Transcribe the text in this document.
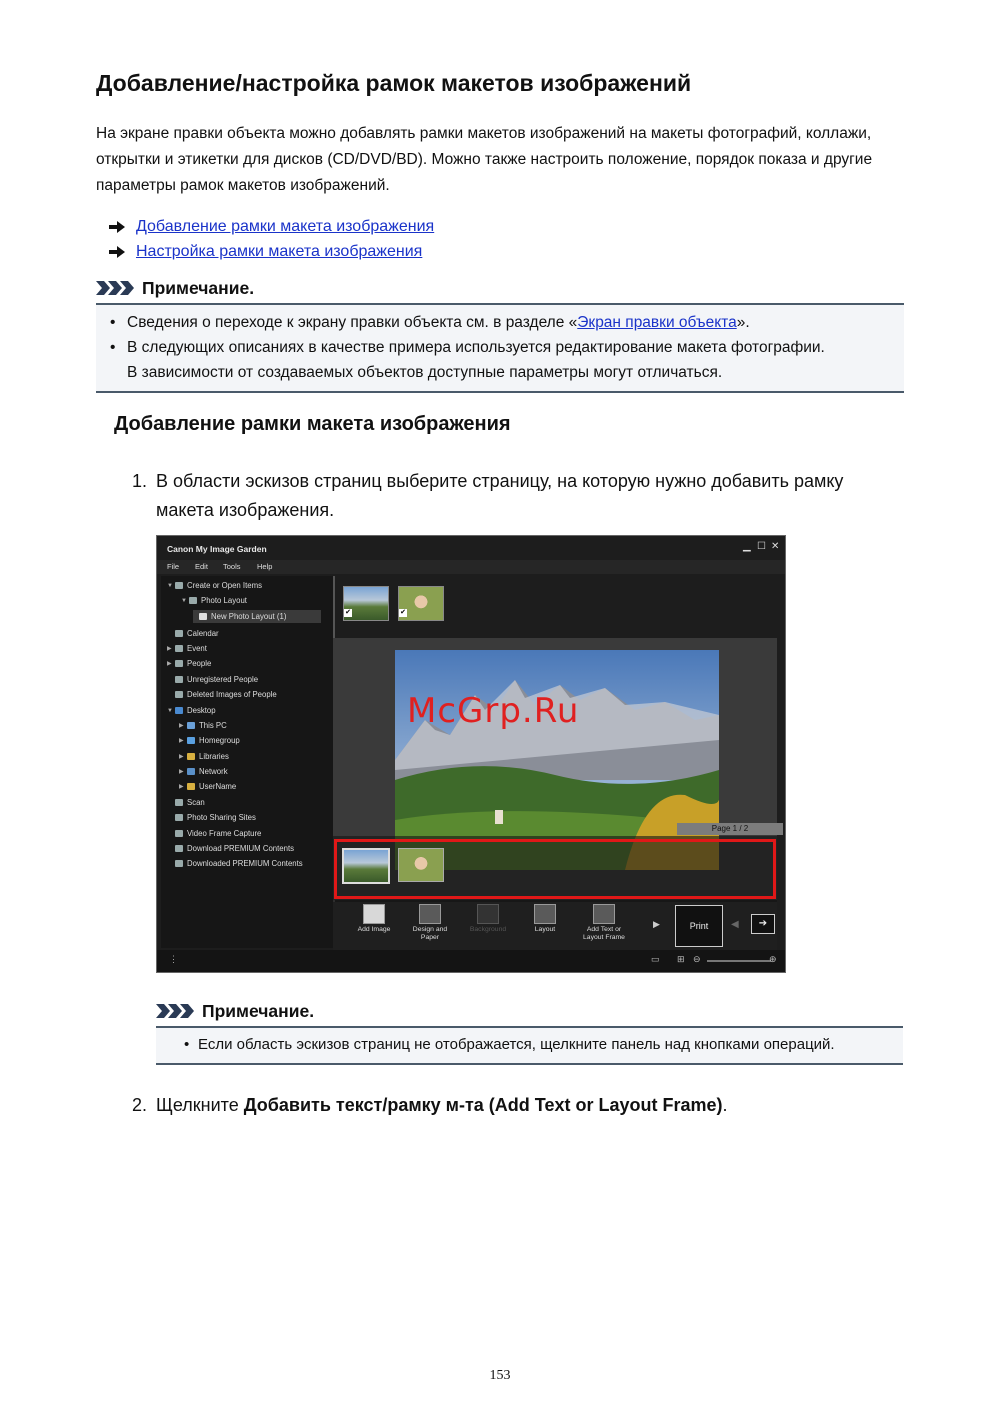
Добавление/настройка рамок макетов изображений

На экране правки объекта можно добавлять рамки макетов изображений на макеты фотографий, коллажи, открытки и этикетки для дисков (CD/DVD/BD). Можно также настроить положение, порядок показа и другие параметры рамок макетов изображений.

Добавление рамки макета изображения
Настройка рамки макета изображения
Примечание.
• Сведения о переходе к экрану правки объекта см. в разделе «Экран правки объекта».
• В следующих описаниях в качестве примера используется редактирование макета фотографии.
В зависимости от создаваемых объектов доступные параметры могут отличаться.
Добавление рамки макета изображения
1. В области эскизов страниц выберите страницу, на которую нужно добавить рамку
макета изображения.
Canon My Image Garden	▁ ☐ ✕
File Edit Tools Help
▼ Create or Open Items
▼ Photo Layout
New Photo Layout (1)
Calendar
▶	Event
▶	People
Unregistered People
Deleted Images of People
▼ Desktop
▶	This PC
▶	Homegroup
▶	Libraries
▶	Network
▶	UserName
Scan
Photo Sharing Sites
Video Frame Capture
Download PREMIUM Contents
Downloaded PREMIUM Contents
✔	✔
McGrp.Ru
Page 1 / 2
Add Image	Design and
Paper
Background	Layout	Add Text or
Layout Frame
▶	Print	◀	➔
⋮	▭ ⊞ ⊖	⊕
Примечание.
• Если область эскизов страниц не отображается, щелкните панель над кнопками операций.
2. Щелкните Добавить текст/рамку м-та (Add Text or Layout Frame).
153
